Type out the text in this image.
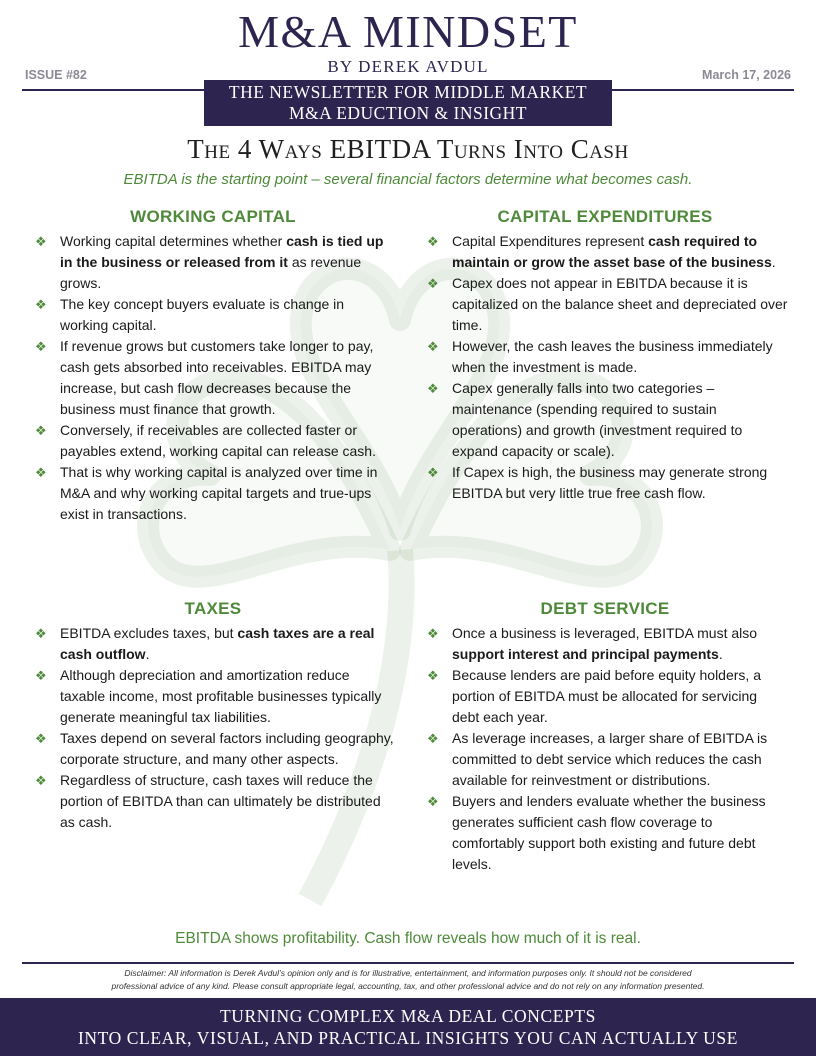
M&A MINDSET
BY DEREK AVDUL
ISSUE #82	March 17, 2026
THE NEWSLETTER FOR MIDDLE MARKET
M&A EDUCTION & INSIGHT
The 4 Ways EBITDA Turns Into Cash
EBITDA is the starting point – several financial factors determine what becomes cash.
WORKING CAPITAL
❖ Working capital determines whether cash is tied up in the business or released from it as revenue grows.
❖ The key concept buyers evaluate is change in working capital.
❖ If revenue grows but customers take longer to pay, cash gets absorbed into receivables. EBITDA may increase, but cash flow decreases because the business must finance that growth.
❖ Conversely, if receivables are collected faster or payables extend, working capital can release cash.
❖ That is why working capital is analyzed over time in M&A and why working capital targets and true-ups exist in transactions.
CAPITAL EXPENDITURES
❖ Capital Expenditures represent cash required to maintain or grow the asset base of the business.
❖ Capex does not appear in EBITDA because it is capitalized on the balance sheet and depreciated over time.
❖ However, the cash leaves the business immediately when the investment is made.
❖ Capex generally falls into two categories – maintenance (spending required to sustain operations) and growth (investment required to expand capacity or scale).
❖ If Capex is high, the business may generate strong EBITDA but very little true free cash flow.
TAXES
❖ EBITDA excludes taxes, but cash taxes are a real cash outflow.
❖ Although depreciation and amortization reduce taxable income, most profitable businesses typically generate meaningful tax liabilities.
❖ Taxes depend on several factors including geography, corporate structure, and many other aspects.
❖ Regardless of structure, cash taxes will reduce the portion of EBITDA than can ultimately be distributed as cash.
DEBT SERVICE
❖ Once a business is leveraged, EBITDA must also support interest and principal payments.
❖ Because lenders are paid before equity holders, a portion of EBITDA must be allocated for servicing debt each year.
❖ As leverage increases, a larger share of EBITDA is committed to debt service which reduces the cash available for reinvestment or distributions.
❖ Buyers and lenders evaluate whether the business generates sufficient cash flow coverage to comfortably support both existing and future debt levels.
EBITDA shows profitability. Cash flow reveals how much of it is real.
Disclaimer: All information is Derek Avdul’s opinion only and is for illustrative, entertainment, and information purposes only. It should not be considered
professional advice of any kind. Please consult appropriate legal, accounting, tax, and other professional advice and do not rely on any information presented.
TURNING COMPLEX M&A DEAL CONCEPTS
INTO CLEAR, VISUAL, AND PRACTICAL INSIGHTS YOU CAN ACTUALLY USE
